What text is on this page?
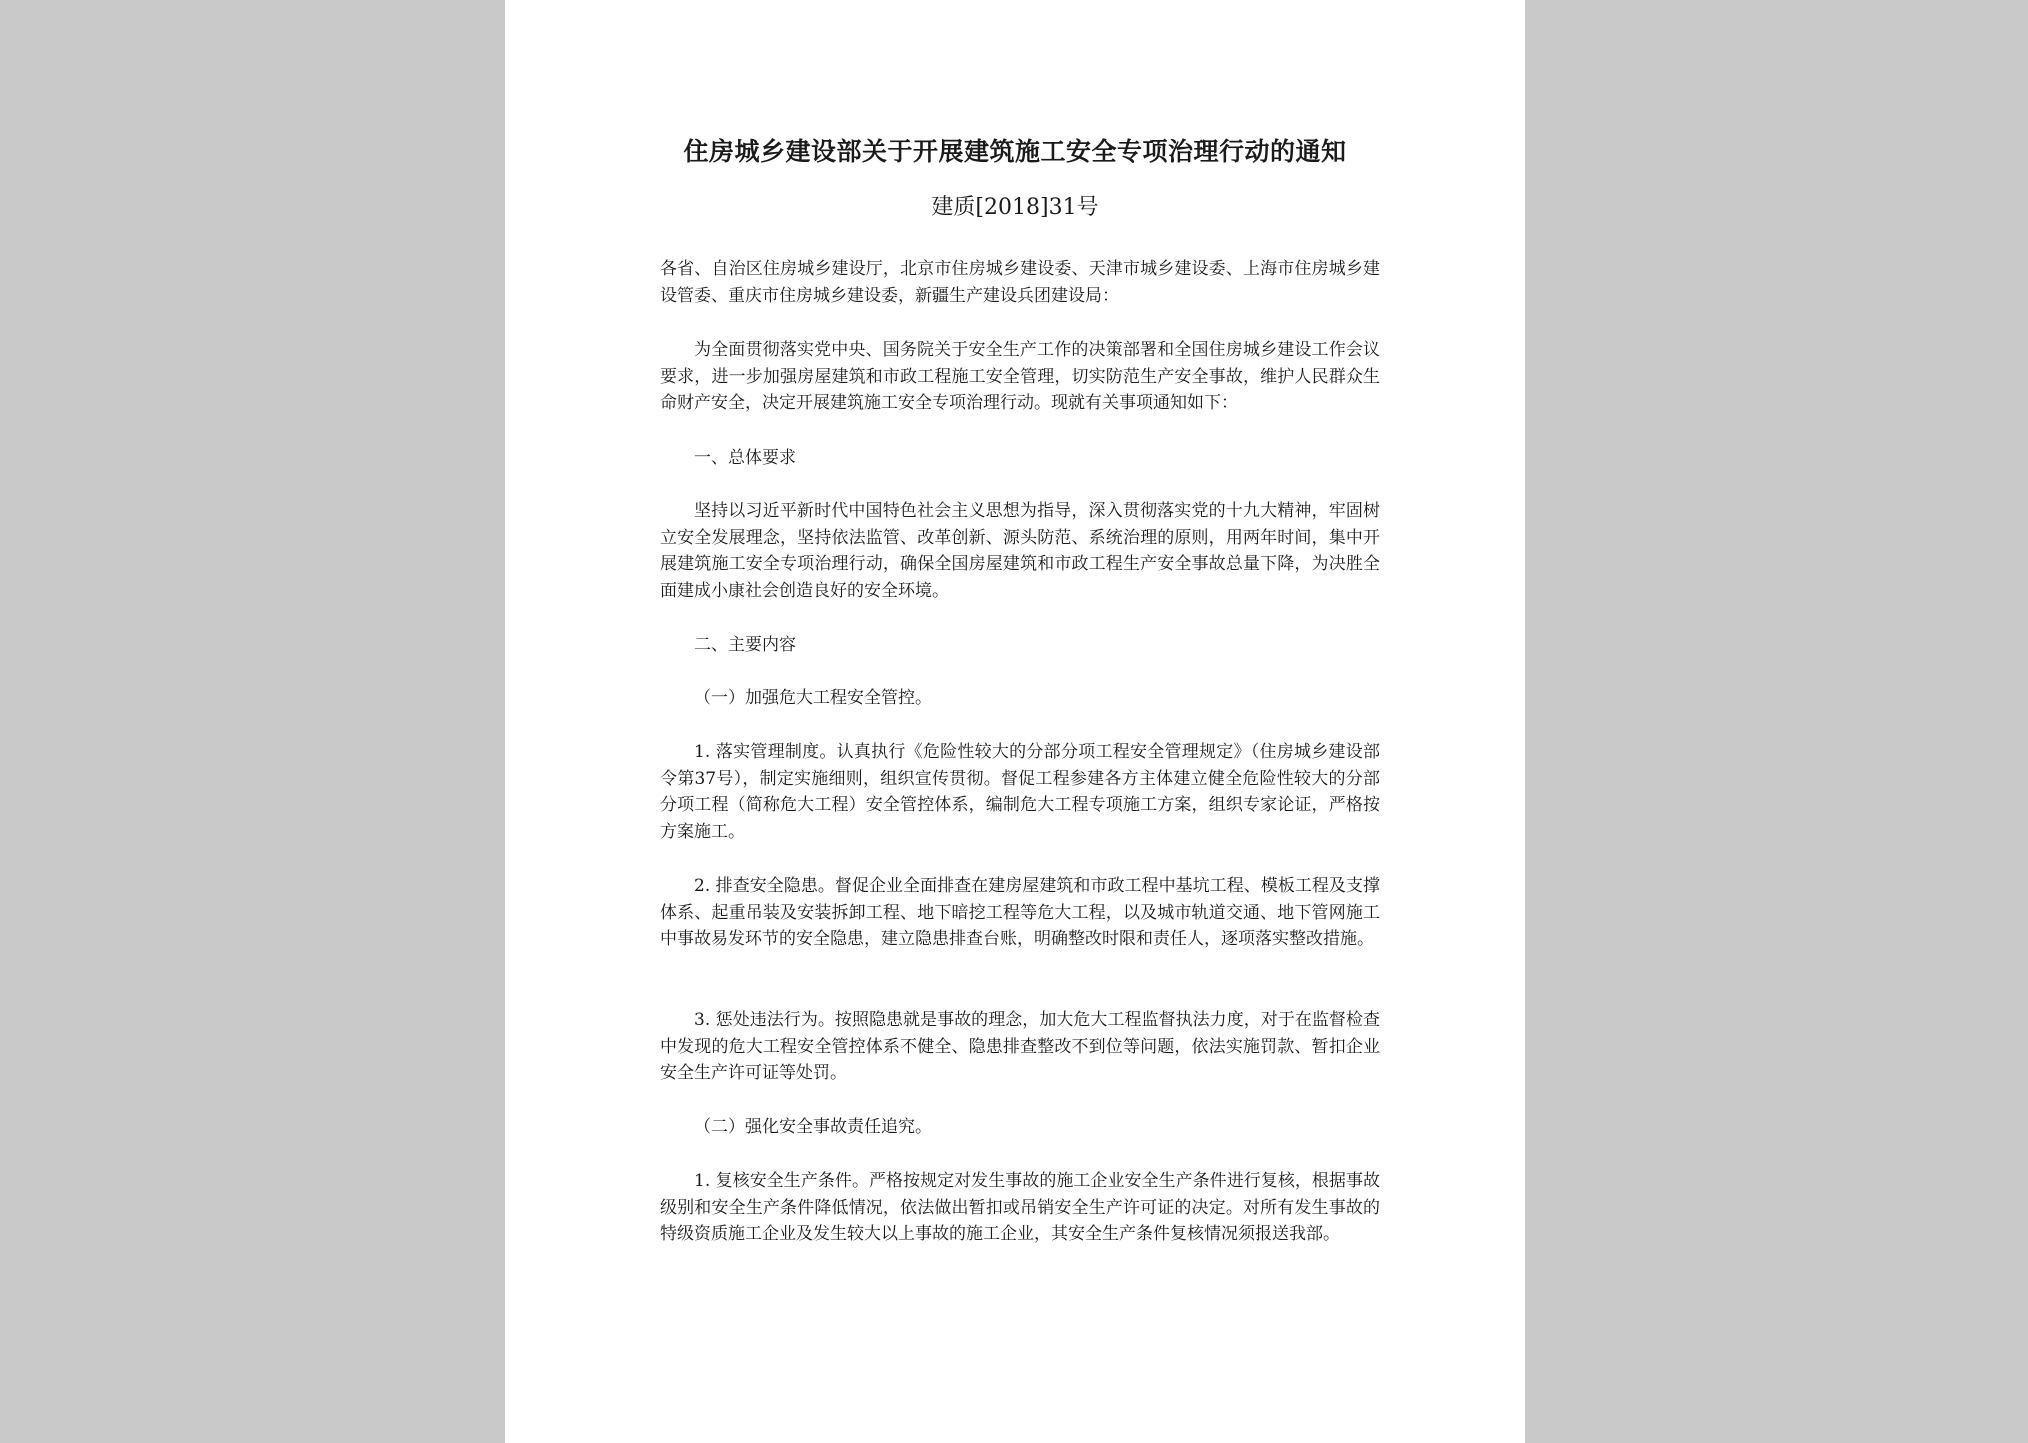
住房城乡建设部关于开展建筑施工安全专项治理行动的通知

建质[2018]31号

各省、自治区住房城乡建设厅，北京市住房城乡建设委、天津市城乡建设委、上海市住房城乡建设管委、重庆市住房城乡建设委，新疆生产建设兵团建设局：

为全面贯彻落实党中央、国务院关于安全生产工作的决策部署和全国住房城乡建设工作会议要求，进一步加强房屋建筑和市政工程施工安全管理，切实防范生产安全事故，维护人民群众生命财产安全，决定开展建筑施工安全专项治理行动。现就有关事项通知如下：

一、总体要求

坚持以习近平新时代中国特色社会主义思想为指导，深入贯彻落实党的十九大精神，牢固树立安全发展理念，坚持依法监管、改革创新、源头防范、系统治理的原则，用两年时间，集中开展建筑施工安全专项治理行动，确保全国房屋建筑和市政工程生产安全事故总量下降，为决胜全面建成小康社会创造良好的安全环境。

二、主要内容

（一）加强危大工程安全管控。

1. 落实管理制度。认真执行《危险性较大的分部分项工程安全管理规定》（住房城乡建设部令第37号），制定实施细则，组织宣传贯彻。督促工程参建各方主体建立健全危险性较大的分部分项工程（简称危大工程）安全管控体系，编制危大工程专项施工方案，组织专家论证，严格按方案施工。

2. 排查安全隐患。督促企业全面排查在建房屋建筑和市政工程中基坑工程、模板工程及支撑体系、起重吊装及安装拆卸工程、地下暗挖工程等危大工程，以及城市轨道交通、地下管网施工中事故易发环节的安全隐患，建立隐患排查台账，明确整改时限和责任人，逐项落实整改措施。

3. 惩处违法行为。按照隐患就是事故的理念，加大危大工程监督执法力度，对于在监督检查中发现的危大工程安全管控体系不健全、隐患排查整改不到位等问题，依法实施罚款、暂扣企业安全生产许可证等处罚。

（二）强化安全事故责任追究。

1. 复核安全生产条件。严格按规定对发生事故的施工企业安全生产条件进行复核，根据事故级别和安全生产条件降低情况，依法做出暂扣或吊销安全生产许可证的决定。对所有发生事故的特级资质施工企业及发生较大以上事故的施工企业，其安全生产条件复核情况须报送我部。
